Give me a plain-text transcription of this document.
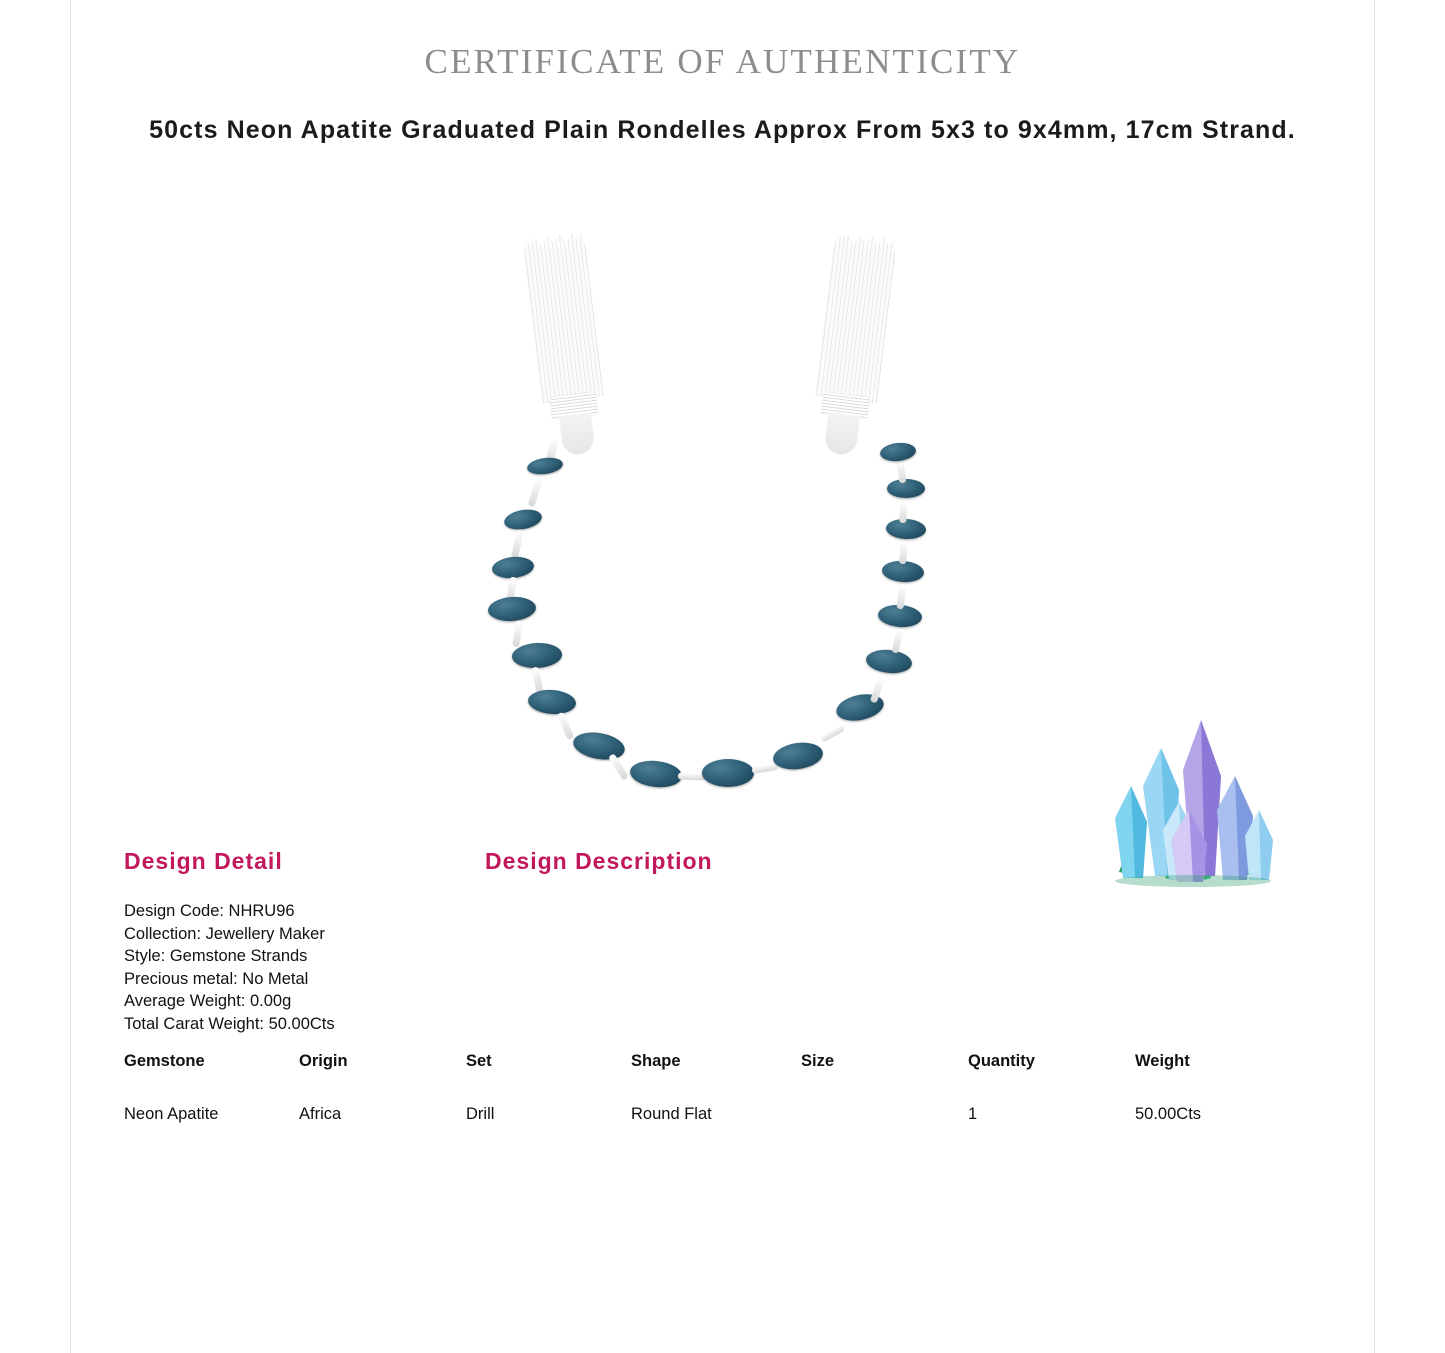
CERTIFICATE OF AUTHENTICITY
50cts Neon Apatite Graduated Plain Rondelles Approx From 5x3 to 9x4mm, 17cm Strand.
Design Detail	Design Description
Design Code: NHRU96
Collection: Jewellery Maker
Style: Gemstone Strands
Precious metal: No Metal
Average Weight: 0.00g
Total Carat Weight: 50.00Cts
Gemstone	Origin	Set	Shape	Size	Quantity	Weight
Neon Apatite	Africa	Drill	Round Flat		1	50.00Cts
